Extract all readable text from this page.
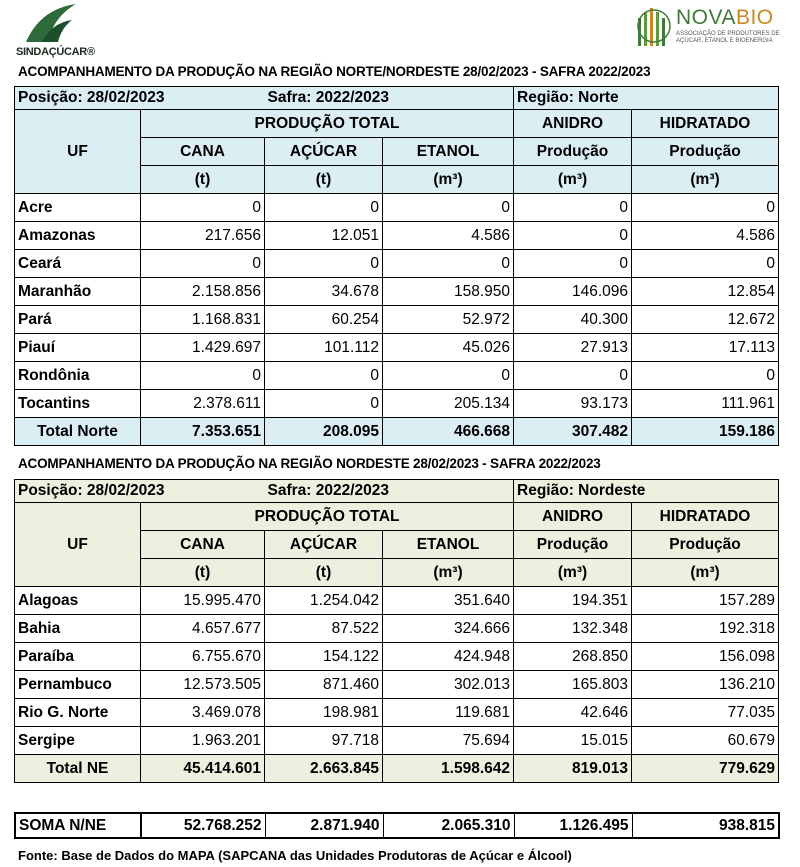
SINDAÇÚCAR®
NOVABIO
ASSOCIAÇÃO DE PRODUTORES DE
AÇÚCAR, ETANOL E BIOENERGIA
ACOMPANHAMENTO DA PRODUÇÃO NA REGIÃO NORTE/NORDESTE 28/02/2023 - SAFRA 2022/2023
Posição: 28/02/2023		Safra: 2022/2023		Região: Norte	
UF	PRODUÇÃO TOTAL			ANIDRO	HIDRATADO
	CANA	AÇÚCAR	ETANOL	Produção	Produção
	(t)	(t)	(m³)	(m³)	(m³)
Acre	0	0	0	0	0
Amazonas	217.656	12.051	4.586	0	4.586
Ceará	0	0	0	0	0
Maranhão	2.158.856	34.678	158.950	146.096	12.854
Pará	1.168.831	60.254	52.972	40.300	12.672
Piauí	1.429.697	101.112	45.026	27.913	17.113
Rondônia	0	0	0	0	0
Tocantins	2.378.611	0	205.134	93.173	111.961
Total Norte	7.353.651	208.095	466.668	307.482	159.186
ACOMPANHAMENTO DA PRODUÇÃO NA REGIÃO NORDESTE 28/02/2023 - SAFRA 2022/2023
Posição: 28/02/2023		Safra: 2022/2023		Região: Nordeste	
UF	PRODUÇÃO TOTAL			ANIDRO	HIDRATADO
	CANA	AÇÚCAR	ETANOL	Produção	Produção
	(t)	(t)	(m³)	(m³)	(m³)
Alagoas	15.995.470	1.254.042	351.640	194.351	157.289
Bahia	4.657.677	87.522	324.666	132.348	192.318
Paraíba	6.755.670	154.122	424.948	268.850	156.098
Pernambuco	12.573.505	871.460	302.013	165.803	136.210
Rio G. Norte	3.469.078	198.981	119.681	42.646	77.035
Sergipe	1.963.201	97.718	75.694	15.015	60.679
Total NE	45.414.601	2.663.845	1.598.642	819.013	779.629
SOMA N/NE	52.768.252	2.871.940	2.065.310	1.126.495	938.815
Fonte: Base de Dados do MAPA (SAPCANA das Unidades Produtoras de Açúcar e Álcool)
